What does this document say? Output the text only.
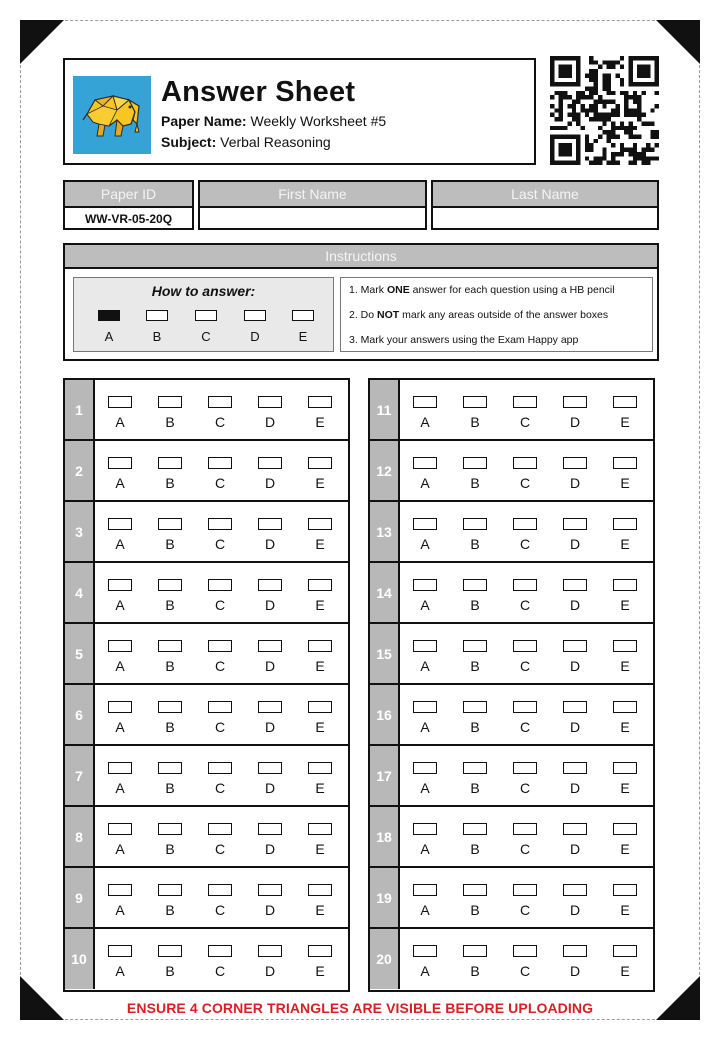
Answer Sheet
Paper Name: Weekly Worksheet #5
Subject: Verbal Reasoning
Paper ID
WW-VR-05-20Q
First Name	Last Name
Instructions
How to answer:
A	B	C	D	E
1. Mark ONE answer for each question using a HB pencil
2. Do NOT mark any areas outside of the answer boxes
3. Mark your answers using the Exam Happy app
1
A	B	C	D	E
2
A	B	C	D	E
3
A	B	C	D	E
4
A	B	C	D	E
5
A	B	C	D	E
6
A	B	C	D	E
7
A	B	C	D	E
8
A	B	C	D	E
9
A	B	C	D	E
10
A	B	C	D	E
11
A	B	C	D	E
12
A	B	C	D	E
13
A	B	C	D	E
14
A	B	C	D	E
15
A	B	C	D	E
16
A	B	C	D	E
17
A	B	C	D	E
18
A	B	C	D	E
19
A	B	C	D	E
20
A	B	C	D	E
ENSURE 4 CORNER TRIANGLES ARE VISIBLE BEFORE UPLOADING
